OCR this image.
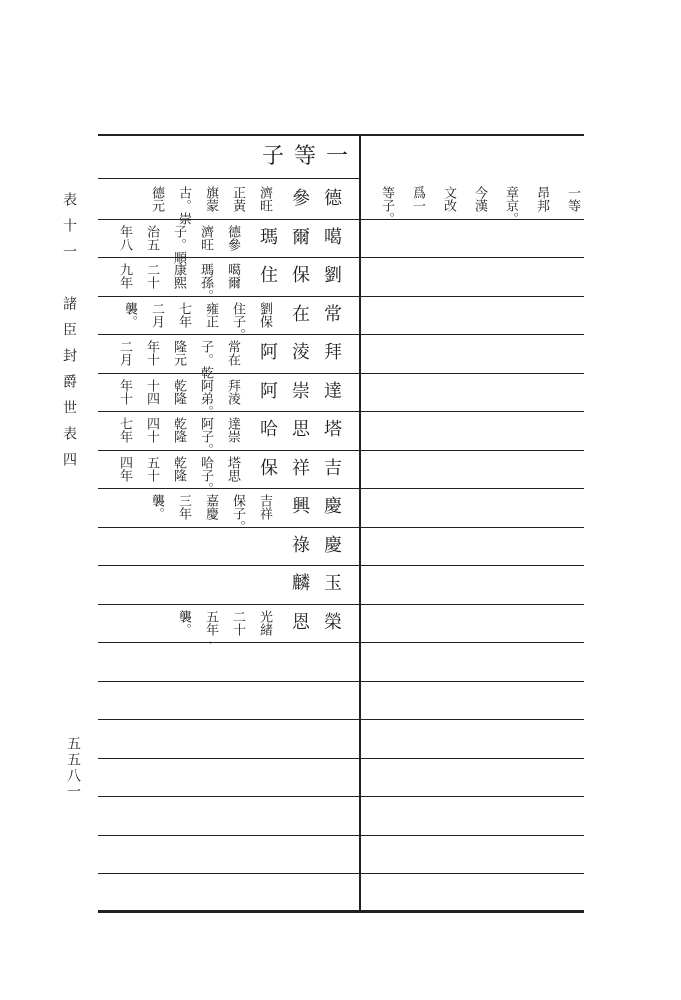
一等子
表十一　諸臣封爵世表四
五五八一
一等
昂邦
章京。
今漢
文改
爲一
等子。
德
參
濟旺
正黃
旗蒙
古。崇
德元
噶
爾
瑪
德參
濟旺
子。順
治五
年八
劉
保
住
噶爾
瑪孫。
康熙
二十
九年
常
在
劉保
住子。
雍正
七年
二月
襲。
拜
淩
阿
常在
子。乾
隆元
年十
二月
達
崇
阿
拜淩
阿弟。
乾隆
十四
年十
塔
思
哈
達崇
阿子。
乾隆
四十
七年
吉
祥
保
塔思
哈子。
乾隆
五十
四年
慶
興
吉祥
保子。
嘉慶
三年
襲。
慶
祿
玉
麟
榮
恩
光緒
二十
五年·
襲。
